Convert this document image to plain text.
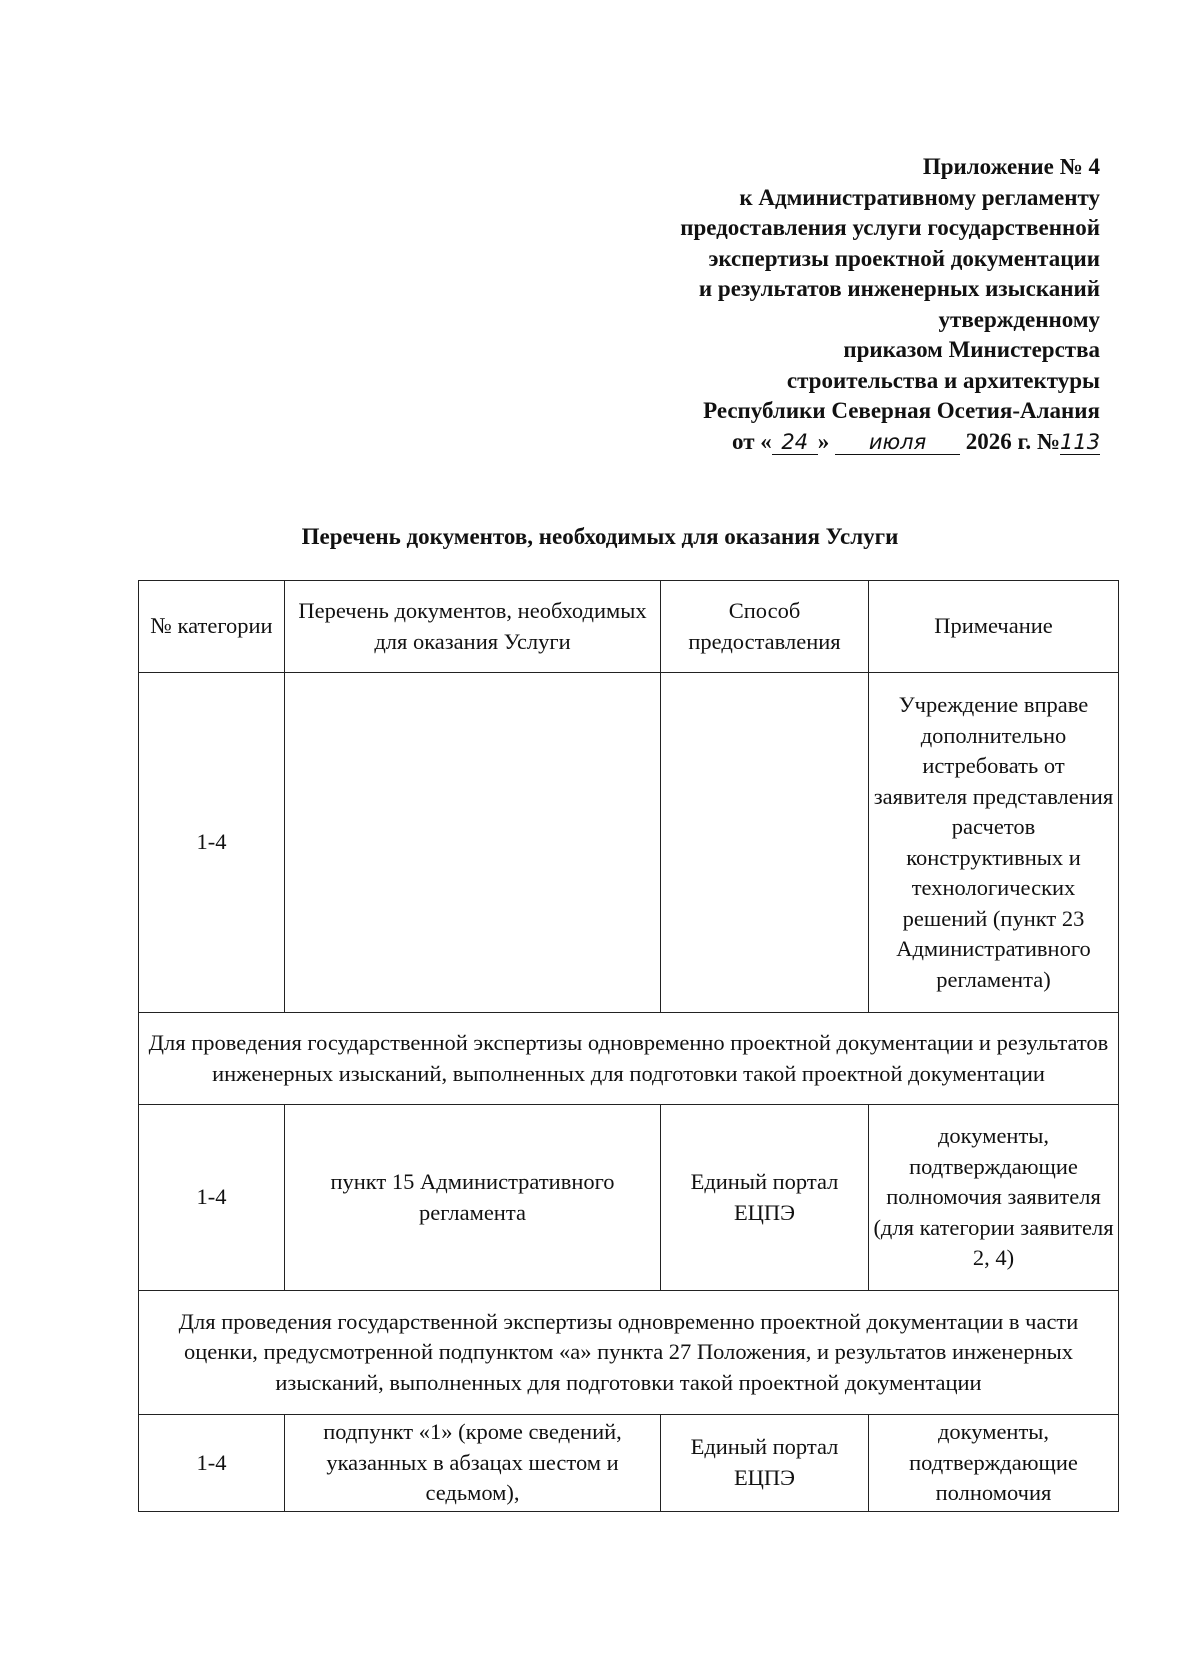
Приложение № 4
к Административному регламенту
предоставления услуги государственной
экспертизы проектной документации
и результатов инженерных изысканий
утвержденному
приказом Министерства
строительства и архитектуры
Республики Северная Осетия-Алания
от « 24 » июля 2026 г. №113
Перечень документов, необходимых для оказания Услуги
№ категории	Перечень документов, необходимых для оказания Услуги	Способ предоставления	Примечание
1-4			Учреждение вправе дополнительно истребовать от заявителя представления расчетов конструктивных и технологических решений (пункт 23 Административного регламента)
Для проведения государственной экспертизы одновременно проектной документации и результатов инженерных изысканий, выполненных для подготовки такой проектной документации			
1-4	пункт 15 Административного регламента	Единый портал ЕЦПЭ	документы, подтверждающие полномочия заявителя (для категории заявителя 2, 4)
Для проведения государственной экспертизы одновременно проектной документации в части оценки, предусмотренной подпунктом «а» пункта 27 Положения, и результатов инженерных изысканий, выполненных для подготовки такой проектной документации			
1-4	подпункт «1» (кроме сведений, указанных в абзацах шестом и седьмом),	Единый портал ЕЦПЭ	документы, подтверждающие полномочия
